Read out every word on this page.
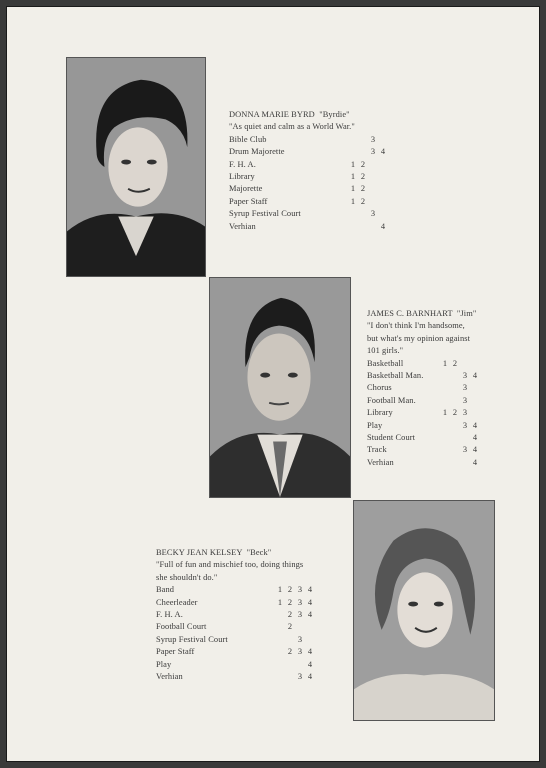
DONNA MARIE BYRD "Byrdie"
"As quiet and calm as a World War."
Bible Club	3
Drum Majorette	3 4
F. H. A.	1 2
Library	1 2
Majorette	1 2
Paper Staff	1 2
Syrup Festival Court	3
Verhian	4
JAMES C. BARNHART "Jim"
"I don't think I'm handsome,
but what's my opinion against
101 girls."
Basketball	1 2
Basketball Man.	3 4
Chorus	3
Football Man.	3
Library	1 2 3
Play	3 4
Student Court	4
Track	3 4
Verhian	4
BECKY JEAN KELSEY "Beck"
"Full of fun and mischief too, doing things
she shouldn't do."
Band	1 2 3 4
Cheerleader	1 2 3 4
F. H. A.	2 3 4
Football Court	2
Syrup Festival Court	3
Paper Staff	2 3 4
Play	4
Verhian	3 4
